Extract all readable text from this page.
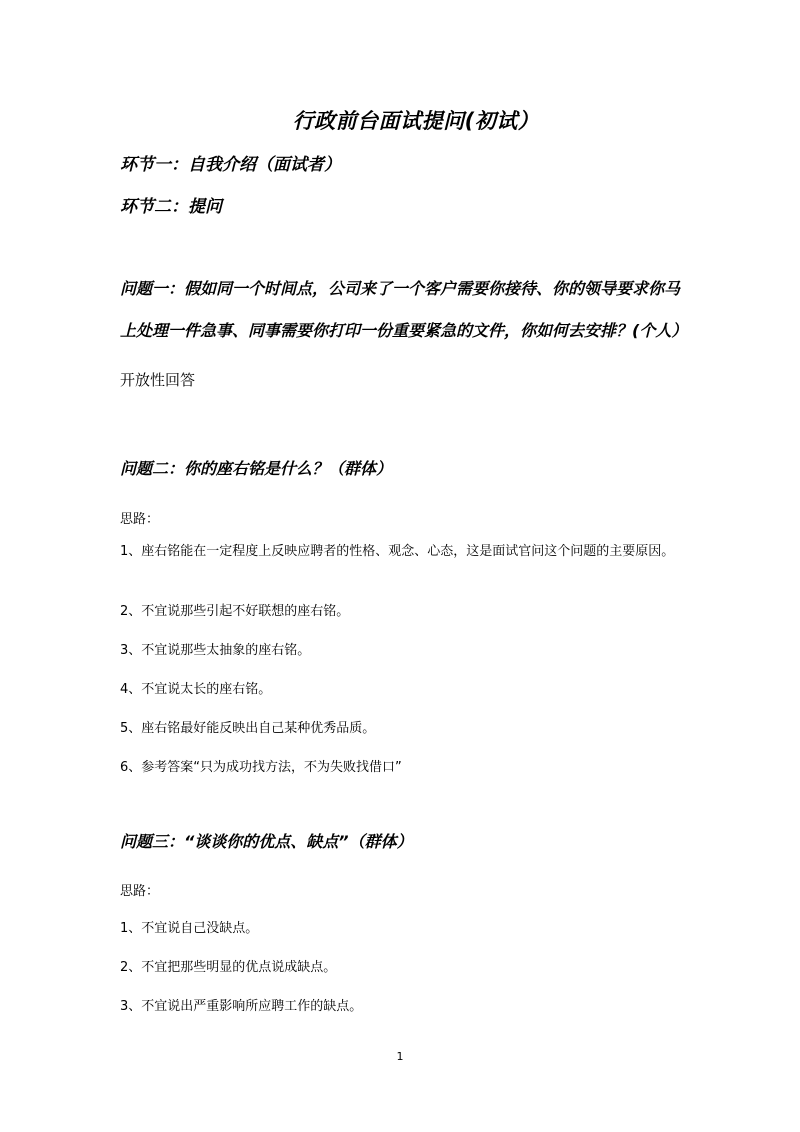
行政前台面试提问(初试）
环节一：自我介绍（面试者）
环节二：提问
问题一：假如同一个时间点，公司来了一个客户需要你接待、你的领导要求你马
上处理一件急事、同事需要你打印一份重要紧急的文件，你如何去安排？(个人）
开放性回答
问题二：你的座右铭是什么？（群体）
思路：
1、座右铭能在一定程度上反映应聘者的性格、观念、心态，这是面试官问这个问题的主要原因。
2、不宜说那些引起不好联想的座右铭。
3、不宜说那些太抽象的座右铭。
4、不宜说太长的座右铭。
5、座右铭最好能反映出自己某种优秀品质。
6、参考答案“只为成功找方法，不为失败找借口”
问题三：“谈谈你的优点、缺点”（群体）
思路：
1、不宜说自己没缺点。
2、不宜把那些明显的优点说成缺点。
3、不宜说出严重影响所应聘工作的缺点。
1
